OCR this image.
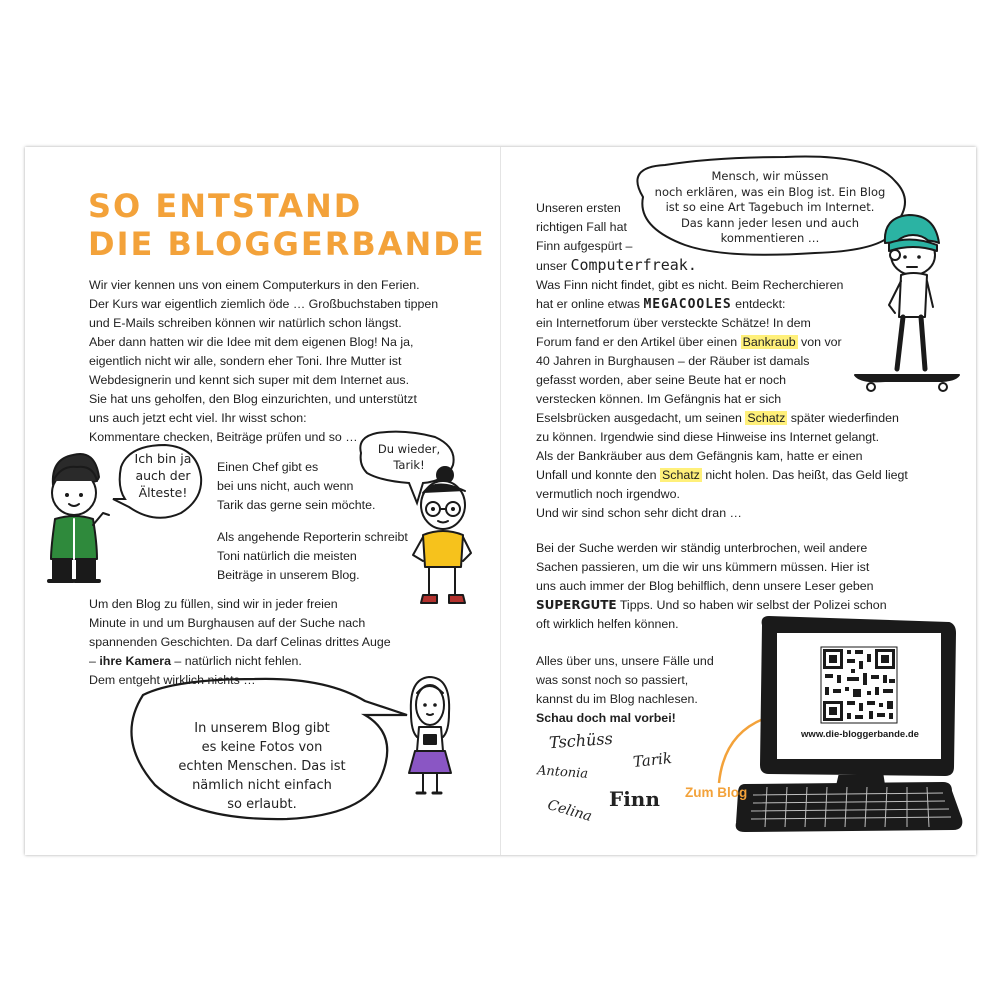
SO ENTSTAND
DIE BLOGGERBANDE
Wir vier kennen uns von einem Computerkurs in den Ferien.
Der Kurs war eigentlich ziemlich öde … Großbuchstaben tippen
und E-Mails schreiben können wir natürlich schon längst.
Aber dann hatten wir die Idee mit dem eigenen Blog! Na ja,
eigentlich nicht wir alle, sondern eher Toni. Ihre Mutter ist
Webdesignerin und kennt sich super mit dem Internet aus.
Sie hat uns geholfen, den Blog einzurichten, und unterstützt
uns auch jetzt echt viel. Ihr wisst schon:
Kommentare checken, Beiträge prüfen und so …
Einen Chef gibt es
bei uns nicht, auch wenn
Tarik das gerne sein möchte.
Als angehende Reporterin schreibt
Toni natürlich die meisten
Beiträge in unserem Blog.
Ich bin ja
auch der
Älteste!
Du wieder,
Tarik!
Um den Blog zu füllen, sind wir in jeder freien
Minute in und um Burghausen auf der Suche nach
spannenden Geschichten. Da darf Celinas drittes Auge
– ihre Kamera – natürlich nicht fehlen.
Dem entgeht wirklich nichts …
In unserem Blog gibt
es keine Fotos von
echten Menschen. Das ist
nämlich nicht einfach
so erlaubt.
Mensch, wir müssen
noch erklären, was ein Blog ist. Ein Blog
ist so eine Art Tagebuch im Internet.
Das kann jeder lesen und auch
kommentieren …
Unseren ersten
richtigen Fall hat
Finn aufgespürt –
unser Computerfreak.
Was Finn nicht findet, gibt es nicht. Beim Recherchieren
hat er online etwas MEGACOOLES entdeckt:
ein Internetforum über versteckte Schätze! In dem
Forum fand er den Artikel über einen Bankraub von vor
40 Jahren in Burghausen – der Räuber ist damals
gefasst worden, aber seine Beute hat er noch
verstecken können. Im Gefängnis hat er sich
Eselsbrücken ausgedacht, um seinen Schatz später wiederfinden
zu können. Irgendwie sind diese Hinweise ins Internet gelangt.
Als der Bankräuber aus dem Gefängnis kam, hatte er einen
Unfall und konnte den Schatz nicht holen. Das heißt, das Geld liegt
vermutlich noch irgendwo.
Und wir sind schon sehr dicht dran …
Bei der Suche werden wir ständig unterbrochen, weil andere
Sachen passieren, um die wir uns kümmern müssen. Hier ist
uns auch immer der Blog behilflich, denn unsere Leser geben
SUPERGUTE Tipps. Und so haben wir selbst der Polizei schon
oft wirklich helfen können.
Alles über uns, unsere Fälle und
was sonst noch so passiert,
kannst du im Blog nachlesen.
Schau doch mal vorbei!
Tschüss
Antonia
Tarik
Finn
Celina
Zum Blog
www.die-bloggerbande.de
